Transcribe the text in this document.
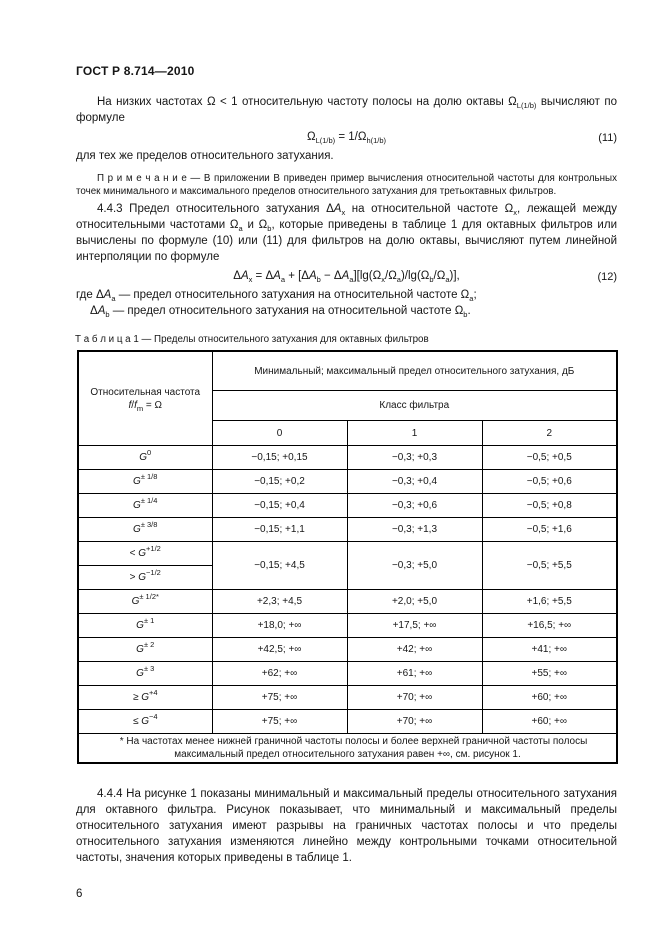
ГОСТ Р 8.714—2010

На низких частотах Ω < 1 относительную частоту полосы на долю октавы $\Omega_{L(1/b)}$ вычисляют по формуле

$\Omega_{L(1/b)} = 1/\Omega_{h(1/b)}$	(11)

для тех же пределов относительного затухания.

П р и м е ч а н и е — В приложении В приведен пример вычисления относительной частоты для контрольных точек минимального и максимального пределов относительного затухания для третьоктавных фильтров.

4.4.3 Предел относительного затухания $\Delta A_x$ на относительной частоте $\Omega_x$, лежащей между относительными частотами $\Omega_a$ и $\Omega_b$, которые приведены в таблице 1 для октавных фильтров или вычислены по формуле (10) или (11) для фильтров на долю октавы, вычисляют путем линейной интерполяции по формуле

$\Delta A_x = \Delta A_a + [\Delta A_b - \Delta A_a][\lg(\Omega_x/\Omega_a)/\lg(\Omega_b/\Omega_a)]$,	(12)

где $\Delta A_a$ — предел относительного затухания на относительной частоте $\Omega_a$;

$\Delta A_b$ — предел относительного затухания на относительной частоте $\Omega_b$.

Т а б л и ц а 1 — Пределы относительного затухания для октавных фильтров
Относительная частота
$f/f_m = \Omega$	Минимальный; максимальный предел относительного затухания, дБ		
	Класс фильтра		
	0	1	2
$G^0$	−0,15; +0,15	−0,3; +0,3	−0,5; +0,5
$G^{\pm 1/8}$	−0,15; +0,2	−0,3; +0,4	−0,5; +0,6
$G^{\pm 1/4}$	−0,15; +0,4	−0,3; +0,6	−0,5; +0,8
$G^{\pm 3/8}$	−0,15; +1,1	−0,3; +1,3	−0,5; +1,6
< $G^{+1/2}$	−0,15; +4,5	−0,3; +5,0	−0,5; +5,5
> $G^{-1/2}$
$G^{\pm 1/2*}$	+2,3; +4,5	+2,0; +5,0	+1,6; +5,5
$G^{\pm 1}$	+18,0; +∞	+17,5; +∞	+16,5; +∞
$G^{\pm 2}$	+42,5; +∞	+42; +∞	+41; +∞
$G^{\pm 3}$	+62; +∞	+61; +∞	+55; +∞
≥ $G^{+4}$	+75; +∞	+70; +∞	+60; +∞
≤ $G^{-4}$	+75; +∞	+70; +∞	+60; +∞
* На частотах менее нижней граничной частоты полосы и более верхней граничной частоты полосы максимальный предел относительного затухания равен +∞, см. рисунок 1.			

4.4.4 На рисунке 1 показаны минимальный и максимальный пределы относительного затухания для октавного фильтра. Рисунок показывает, что минимальный и максимальный пределы относительного затухания имеют разрывы на граничных частотах полосы и что пределы относительного затухания изменяются линейно между контрольными точками относительной частоты, значения которых приведены в таблице 1.

6
